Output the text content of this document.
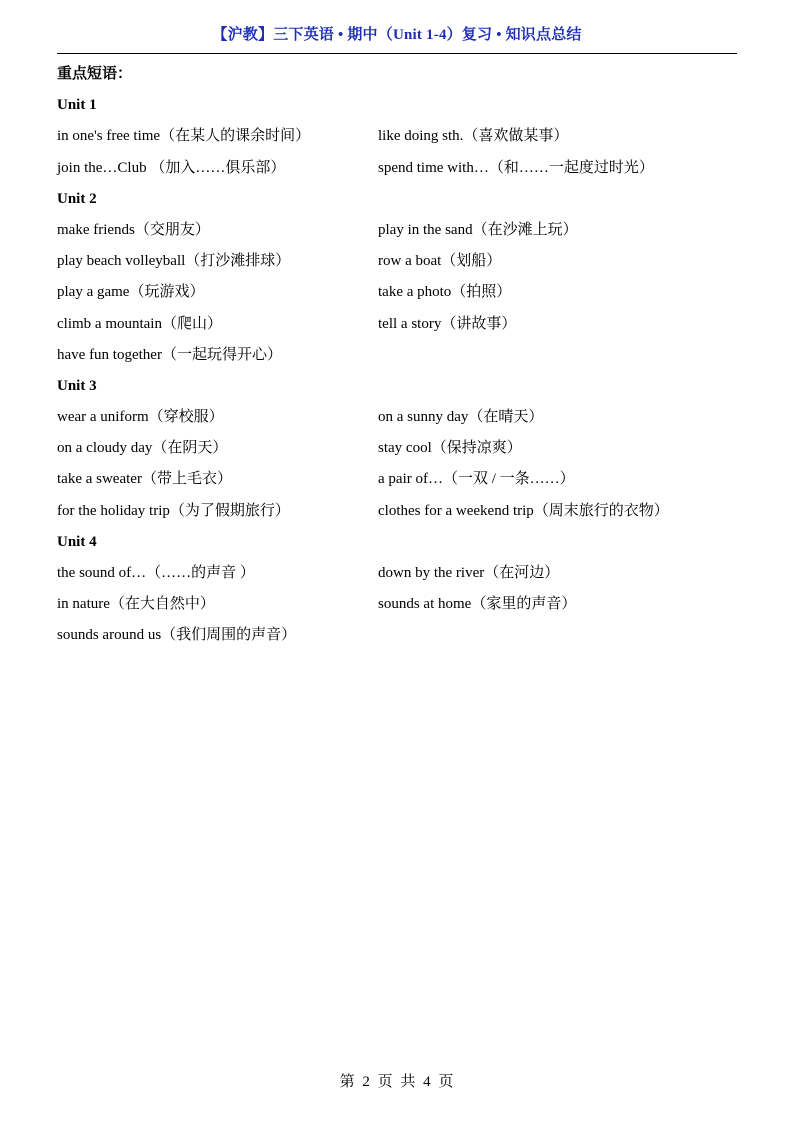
【沪教】三下英语 • 期中（Unit 1-4）复习 • 知识点总结
重点短语：
Unit 1
in one's free time（在某人的课余时间）	like doing sth.（喜欢做某事）
join the…Club （加入……俱乐部）	spend time with…（和……一起度过时光）
Unit 2
make friends（交朋友）	play in the sand（在沙滩上玩）
play beach volleyball（打沙滩排球）	row a boat（划船）
play a game（玩游戏）	take a photo（拍照）
climb a mountain（爬山）	tell a story（讲故事）
have fun together（一起玩得开心）
Unit 3
wear a uniform（穿校服）	on a sunny day（在晴天）
on a cloudy day（在阴天）	stay cool（保持凉爽）
take a sweater（带上毛衣）	a pair of…（一双 / 一条……）
for the holiday trip（为了假期旅行）	clothes for a weekend trip（周末旅行的衣物）
Unit 4
the sound of…（……的声音 ）	down by the river（在河边）
in nature（在大自然中）	sounds at home（家里的声音）
sounds around us（我们周围的声音）
第 2 页 共 4 页
